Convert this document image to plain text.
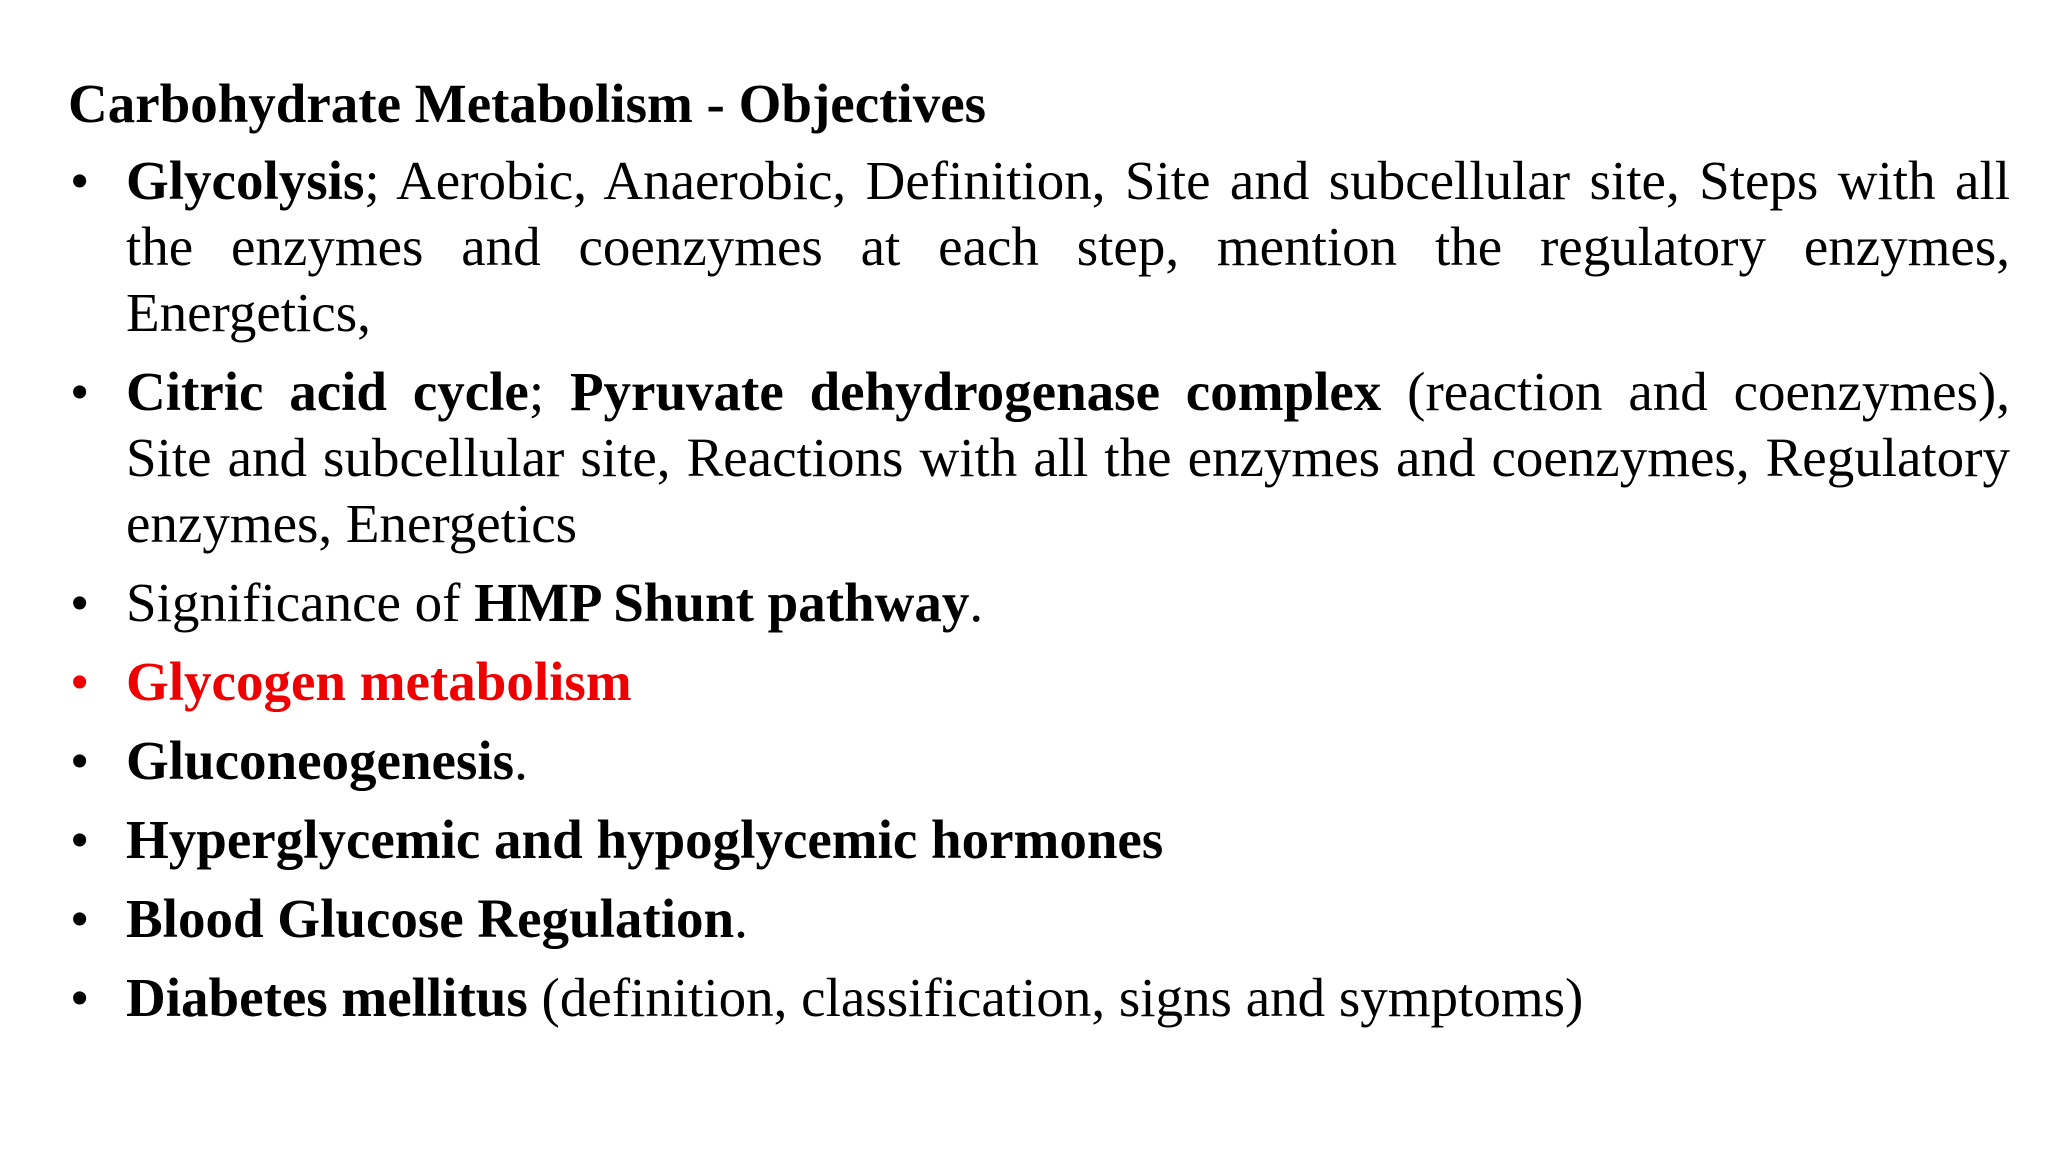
Carbohydrate Metabolism - Objectives
• Glycolysis; Aerobic, Anaerobic, Definition, Site and subcellular site, Steps with all the enzymes and coenzymes at each step, mention the regulatory enzymes, Energetics,
• Citric acid cycle; Pyruvate dehydrogenase complex (reaction and coenzymes), Site and subcellular site, Reactions with all the enzymes and coenzymes, Regulatory enzymes, Energetics
• Significance of HMP Shunt pathway.
• Glycogen metabolism
• Gluconeogenesis.
• Hyperglycemic and hypoglycemic hormones
• Blood Glucose Regulation.
• Diabetes mellitus (definition, classification, signs and symptoms)
